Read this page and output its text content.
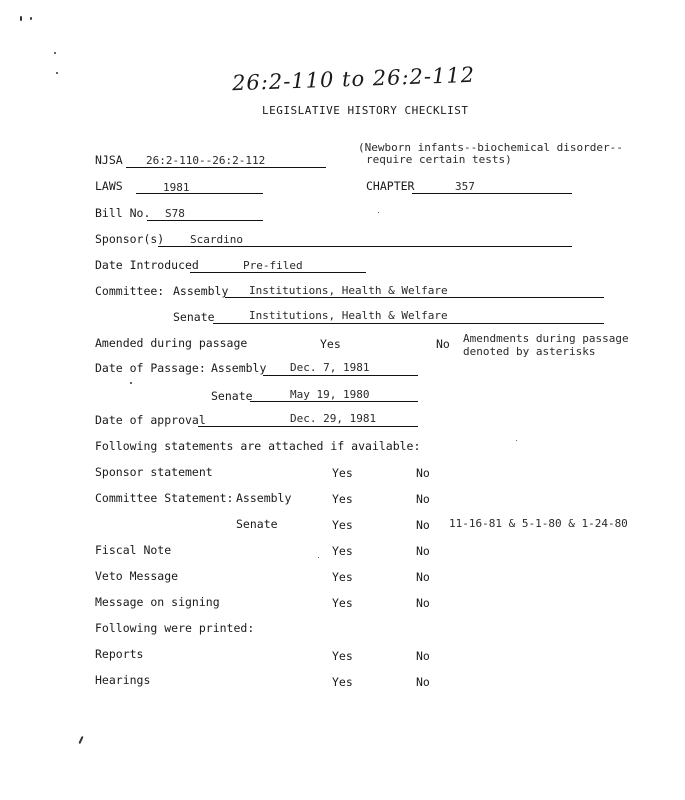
26:2-110 to 26:2-112
LEGISLATIVE HISTORY CHECKLIST
(Newborn infants--biochemical disorder--
require certain tests)
NJSA 26:2-110--26:2-112
LAWS	1981	CHAPTER	357
Bill No. S78
Sponsor(s) Scardino
Date Introduced	Pre-filed
Committee: Assembly Institutions, Health & Welfare
Senate	Institutions, Health & Welfare
Amended during passage	Yes	No Amendments during passage
denoted by asterisks
Date of Passage: Assembly Dec. 7, 1981
Senate	May 19, 1980
Date of approval	Dec. 29, 1981
Following statements are attached if available:
Sponsor statement	Yes	No
Committee Statement: Assembly	Yes	No
Senate	Yes	No 11-16-81 & 5-1-80 & 1-24-80
Fiscal Note	Yes	No
Veto Message	Yes	No
Message on signing	Yes	No
Following were printed:
Reports	Yes	No
Hearings	Yes	No
